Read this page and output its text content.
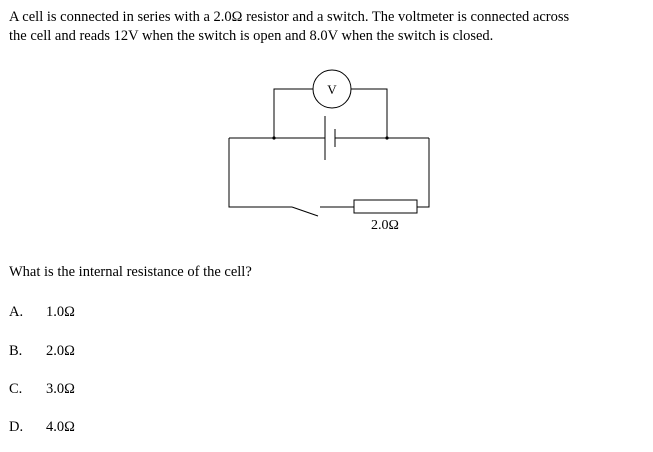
A cell is connected in series with a 2.0Ω resistor and a switch. The voltmeter is connected across
the cell and reads 12V when the switch is open and 8.0V when the switch is closed.
V
2.0Ω
What is the internal resistance of the cell?
A.	1.0Ω
B.	2.0Ω
C.	3.0Ω
D.	4.0Ω
